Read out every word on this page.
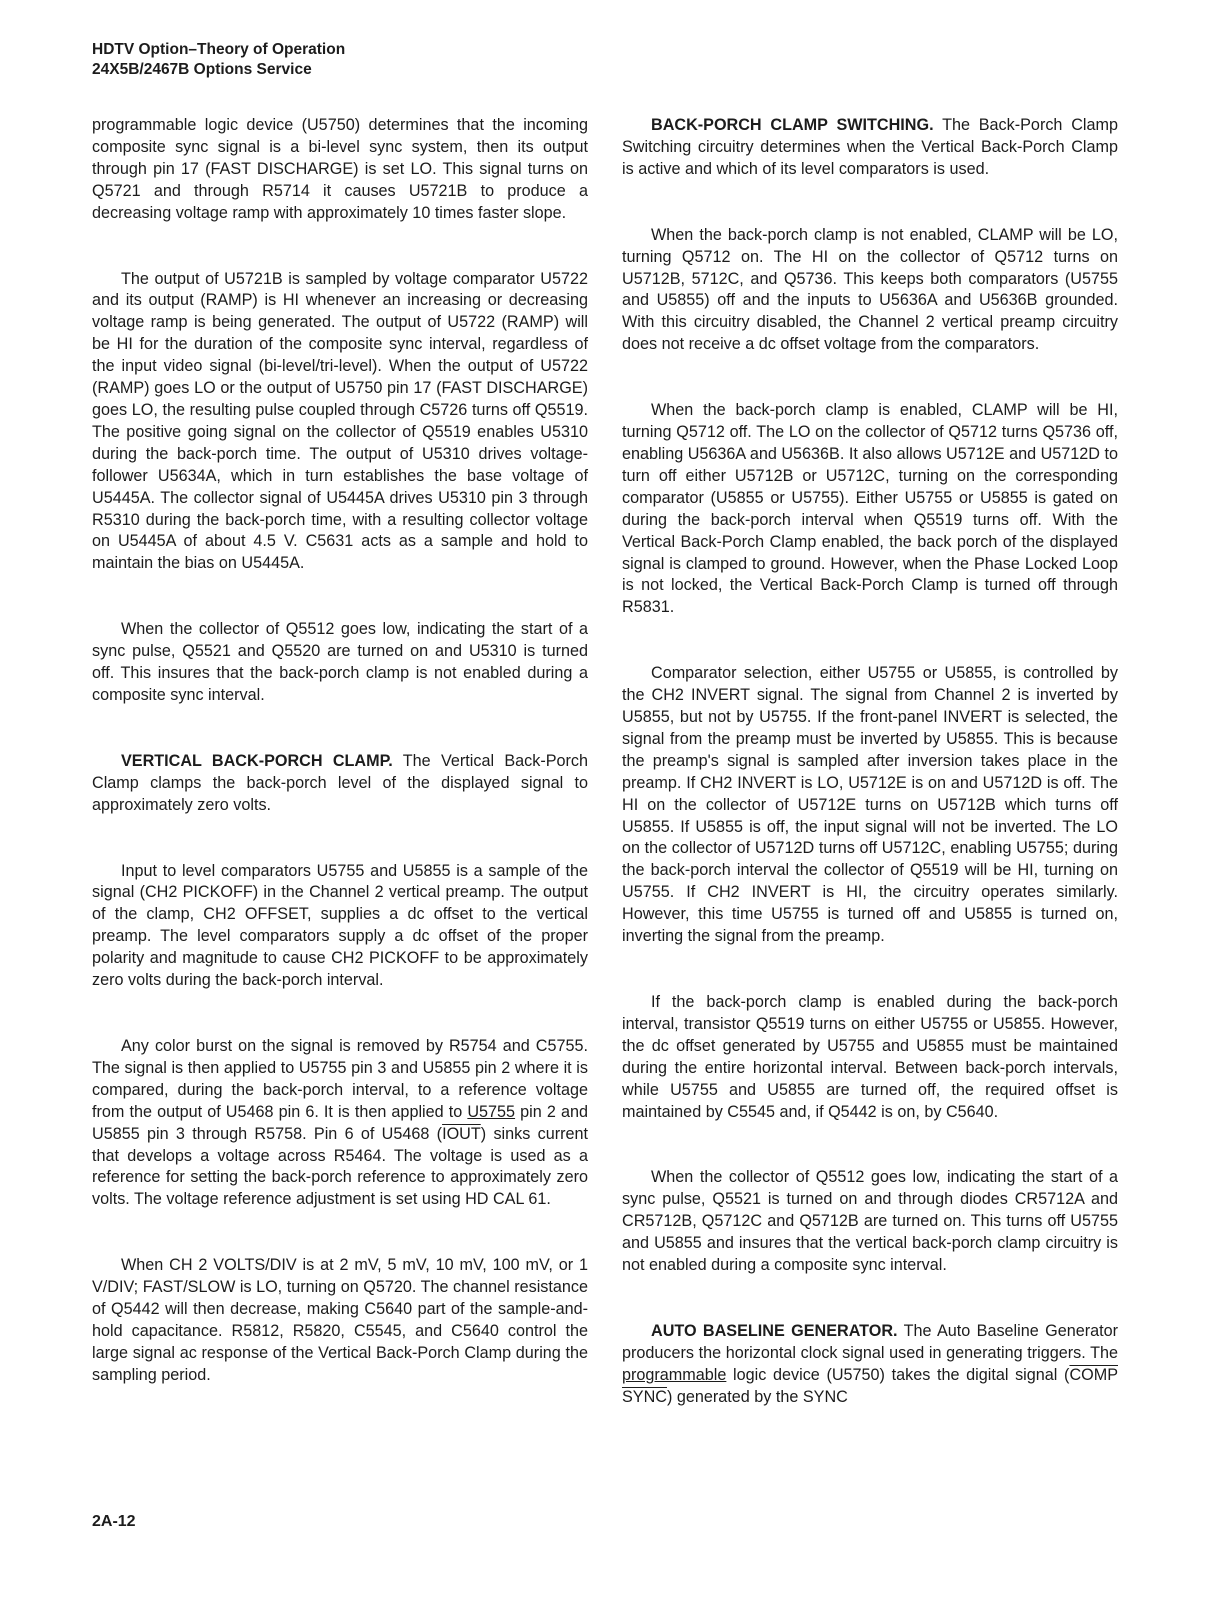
HDTV Option–Theory of Operation
24X5B/2467B Options Service

programmable logic device (U5750) determines that the incoming composite sync signal is a bi-level sync system, then its output through pin 17 (FAST DISCHARGE) is set LO. This signal turns on Q5721 and through R5714 it causes U5721B to produce a decreasing voltage ramp with approximately 10 times faster slope.

The output of U5721B is sampled by voltage comparator U5722 and its output (RAMP) is HI whenever an increasing or decreasing voltage ramp is being generated. The output of U5722 (RAMP) will be HI for the duration of the composite sync interval, regardless of the input video signal (bi-level/tri-level). When the output of U5722 (RAMP) goes LO or the output of U5750 pin 17 (FAST DISCHARGE) goes LO, the resulting pulse coupled through C5726 turns off Q5519. The positive going signal on the collector of Q5519 enables U5310 during the back-porch time. The output of U5310 drives voltage-follower U5634A, which in turn establishes the base voltage of U5445A. The collector signal of U5445A drives U5310 pin 3 through R5310 during the back-porch time, with a resulting collector voltage on U5445A of about 4.5 V. C5631 acts as a sample and hold to maintain the bias on U5445A.

When the collector of Q5512 goes low, indicating the start of a sync pulse, Q5521 and Q5520 are turned on and U5310 is turned off. This insures that the back-porch clamp is not enabled during a composite sync interval.

VERTICAL BACK-PORCH CLAMP. The Vertical Back-Porch Clamp clamps the back-porch level of the displayed signal to approximately zero volts.

Input to level comparators U5755 and U5855 is a sample of the signal (CH2 PICKOFF) in the Channel 2 vertical preamp. The output of the clamp, CH2 OFFSET, supplies a dc offset to the vertical preamp. The level comparators supply a dc offset of the proper polarity and magnitude to cause CH2 PICKOFF to be approximately zero volts during the back-porch interval.

Any color burst on the signal is removed by R5754 and C5755. The signal is then applied to U5755 pin 3 and U5855 pin 2 where it is compared, during the back-porch interval, to a reference voltage from the output of U5468 pin 6. It is then applied to U5755 pin 2 and U5855 pin 3 through R5758. Pin 6 of U5468 (IOUT) sinks current that develops a voltage across R5464. The voltage is used as a reference for setting the back-porch reference to approximately zero volts. The voltage reference adjustment is set using HD CAL 61.

When CH 2 VOLTS/DIV is at 2 mV, 5 mV, 10 mV, 100 mV, or 1 V/DIV; FAST/SLOW is LO, turning on Q5720. The channel resistance of Q5442 will then decrease, making C5640 part of the sample-and-hold capacitance. R5812, R5820, C5545, and C5640 control the large signal ac response of the Vertical Back-Porch Clamp during the sampling period.

BACK-PORCH CLAMP SWITCHING. The Back-Porch Clamp Switching circuitry determines when the Vertical Back-Porch Clamp is active and which of its level comparators is used.

When the back-porch clamp is not enabled, CLAMP will be LO, turning Q5712 on. The HI on the collector of Q5712 turns on U5712B, 5712C, and Q5736. This keeps both comparators (U5755 and U5855) off and the inputs to U5636A and U5636B grounded. With this circuitry disabled, the Channel 2 vertical preamp circuitry does not receive a dc offset voltage from the comparators.

When the back-porch clamp is enabled, CLAMP will be HI, turning Q5712 off. The LO on the collector of Q5712 turns Q5736 off, enabling U5636A and U5636B. It also allows U5712E and U5712D to turn off either U5712B or U5712C, turning on the corresponding comparator (U5855 or U5755). Either U5755 or U5855 is gated on during the back-porch interval when Q5519 turns off. With the Vertical Back-Porch Clamp enabled, the back porch of the displayed signal is clamped to ground. However, when the Phase Locked Loop is not locked, the Vertical Back-Porch Clamp is turned off through R5831.

Comparator selection, either U5755 or U5855, is controlled by the CH2 INVERT signal. The signal from Channel 2 is inverted by U5855, but not by U5755. If the front-panel INVERT is selected, the signal from the preamp must be inverted by U5855. This is because the preamp's signal is sampled after inversion takes place in the preamp. If CH2 INVERT is LO, U5712E is on and U5712D is off. The HI on the collector of U5712E turns on U5712B which turns off U5855. If U5855 is off, the input signal will not be inverted. The LO on the collector of U5712D turns off U5712C, enabling U5755; during the back-porch interval the collector of Q5519 will be HI, turning on U5755. If CH2 INVERT is HI, the circuitry operates similarly. However, this time U5755 is turned off and U5855 is turned on, inverting the signal from the preamp.

If the back-porch clamp is enabled during the back-porch interval, transistor Q5519 turns on either U5755 or U5855. However, the dc offset generated by U5755 and U5855 must be maintained during the entire horizontal interval. Between back-porch intervals, while U5755 and U5855 are turned off, the required offset is maintained by C5545 and, if Q5442 is on, by C5640.

When the collector of Q5512 goes low, indicating the start of a sync pulse, Q5521 is turned on and through diodes CR5712A and CR5712B, Q5712C and Q5712B are turned on. This turns off U5755 and U5855 and insures that the vertical back-porch clamp circuitry is not enabled during a composite sync interval.

AUTO BASELINE GENERATOR. The Auto Baseline Generator producers the horizontal clock signal used in generating triggers. The programmable logic device (U5750) takes the digital signal (COMP SYNC) generated by the SYNC

2A-12
